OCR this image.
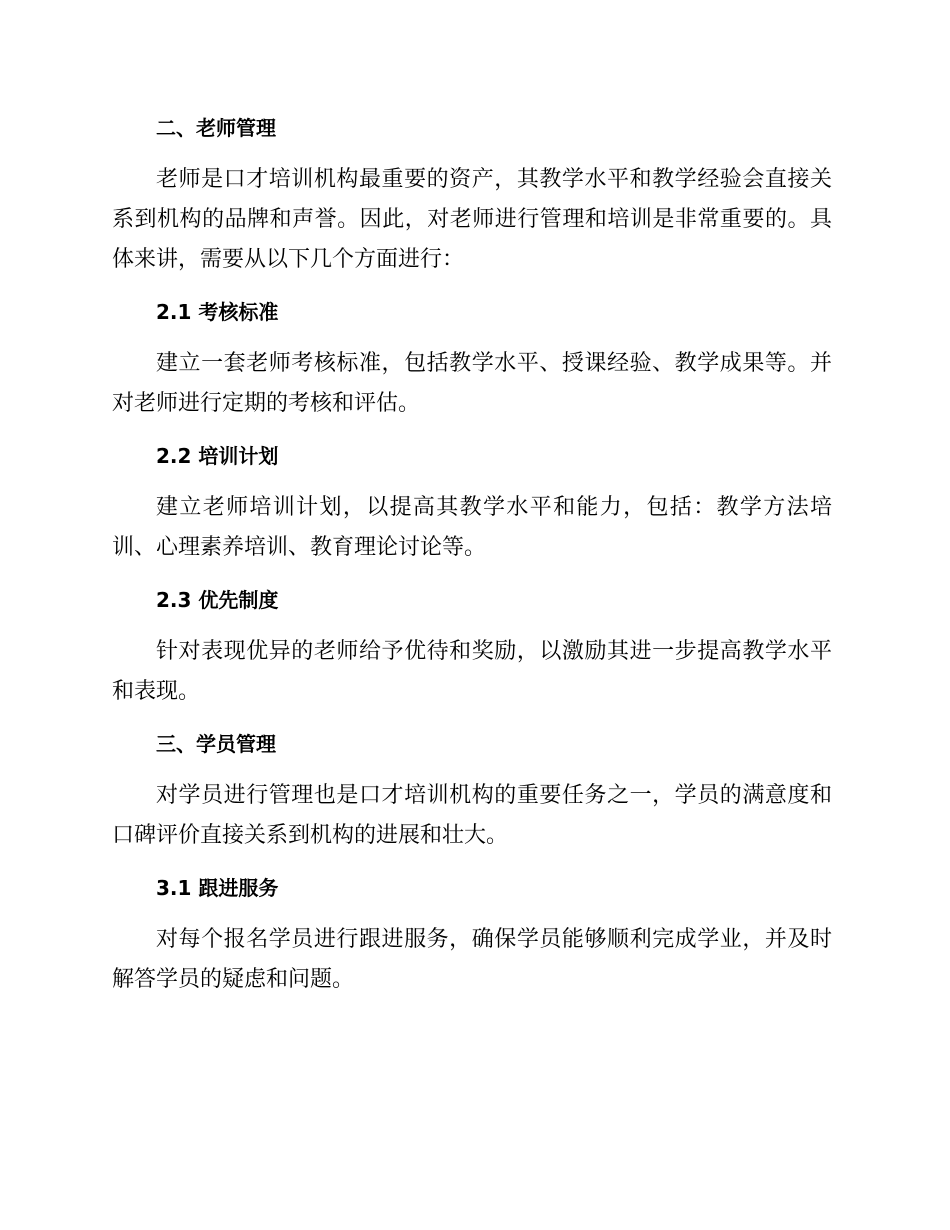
二、老师管理

老师是口才培训机构最重要的资产，其教学水平和教学经验会直接关系到机构的品牌和声誉。因此，对老师进行管理和培训是非常重要的。具体来讲，需要从以下几个方面进行：

2.1 考核标准

建立一套老师考核标准，包括教学水平、授课经验、教学成果等。并对老师进行定期的考核和评估。

2.2 培训计划

建立老师培训计划，以提高其教学水平和能力，包括：教学方法培训、心理素养培训、教育理论讨论等。

2.3 优先制度

针对表现优异的老师给予优待和奖励，以激励其进一步提高教学水平和表现。

三、学员管理

对学员进行管理也是口才培训机构的重要任务之一，学员的满意度和口碑评价直接关系到机构的进展和壮大。

3.1 跟进服务

对每个报名学员进行跟进服务，确保学员能够顺利完成学业，并及时解答学员的疑虑和问题。
